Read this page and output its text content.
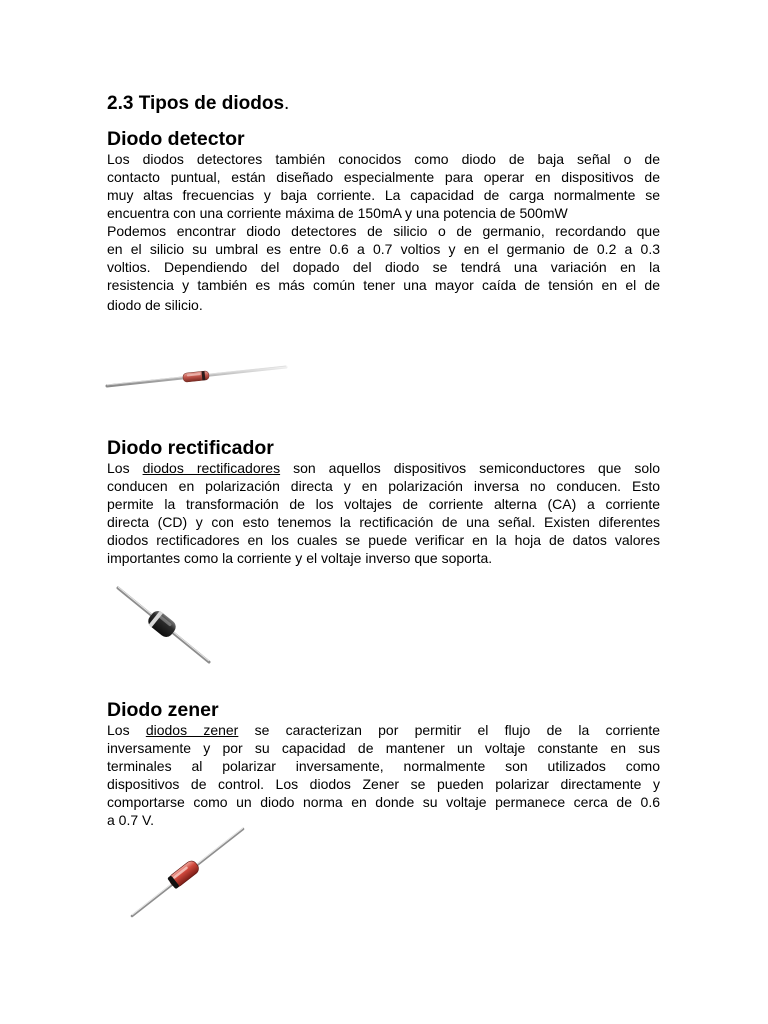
2.3 Tipos de diodos.
Diodo detector
Los diodos detectores también conocidos como diodo de baja señal o de
contacto puntual, están diseñado especialmente para operar en dispositivos de
muy altas frecuencias y baja corriente. La capacidad de carga normalmente se
encuentra con una corriente máxima de 150mA y una potencia de 500mW
Podemos encontrar diodo detectores de silicio o de germanio, recordando que
en el silicio su umbral es entre 0.6 a 0.7 voltios y en el germanio de 0.2 a 0.3
voltios. Dependiendo del dopado del diodo se tendrá una variación en la
resistencia y también es más común tener una mayor caída de tensión en el de
diodo de silicio.
Diodo rectificador
Los diodos rectificadores son aquellos dispositivos semiconductores que solo
conducen en polarización directa y en polarización inversa no conducen. Esto
permite la transformación de los voltajes de corriente alterna (CA) a corriente
directa (CD) y con esto tenemos la rectificación de una señal. Existen diferentes
diodos rectificadores en los cuales se puede verificar en la hoja de datos valores
importantes como la corriente y el voltaje inverso que soporta.
Diodo zener
Los diodos zener se caracterizan por permitir el flujo de la corriente
inversamente y por su capacidad de mantener un voltaje constante en sus
terminales al polarizar inversamente, normalmente son utilizados como
dispositivos de control. Los diodos Zener se pueden polarizar directamente y
comportarse como un diodo norma en donde su voltaje permanece cerca de 0.6
a 0.7 V.
